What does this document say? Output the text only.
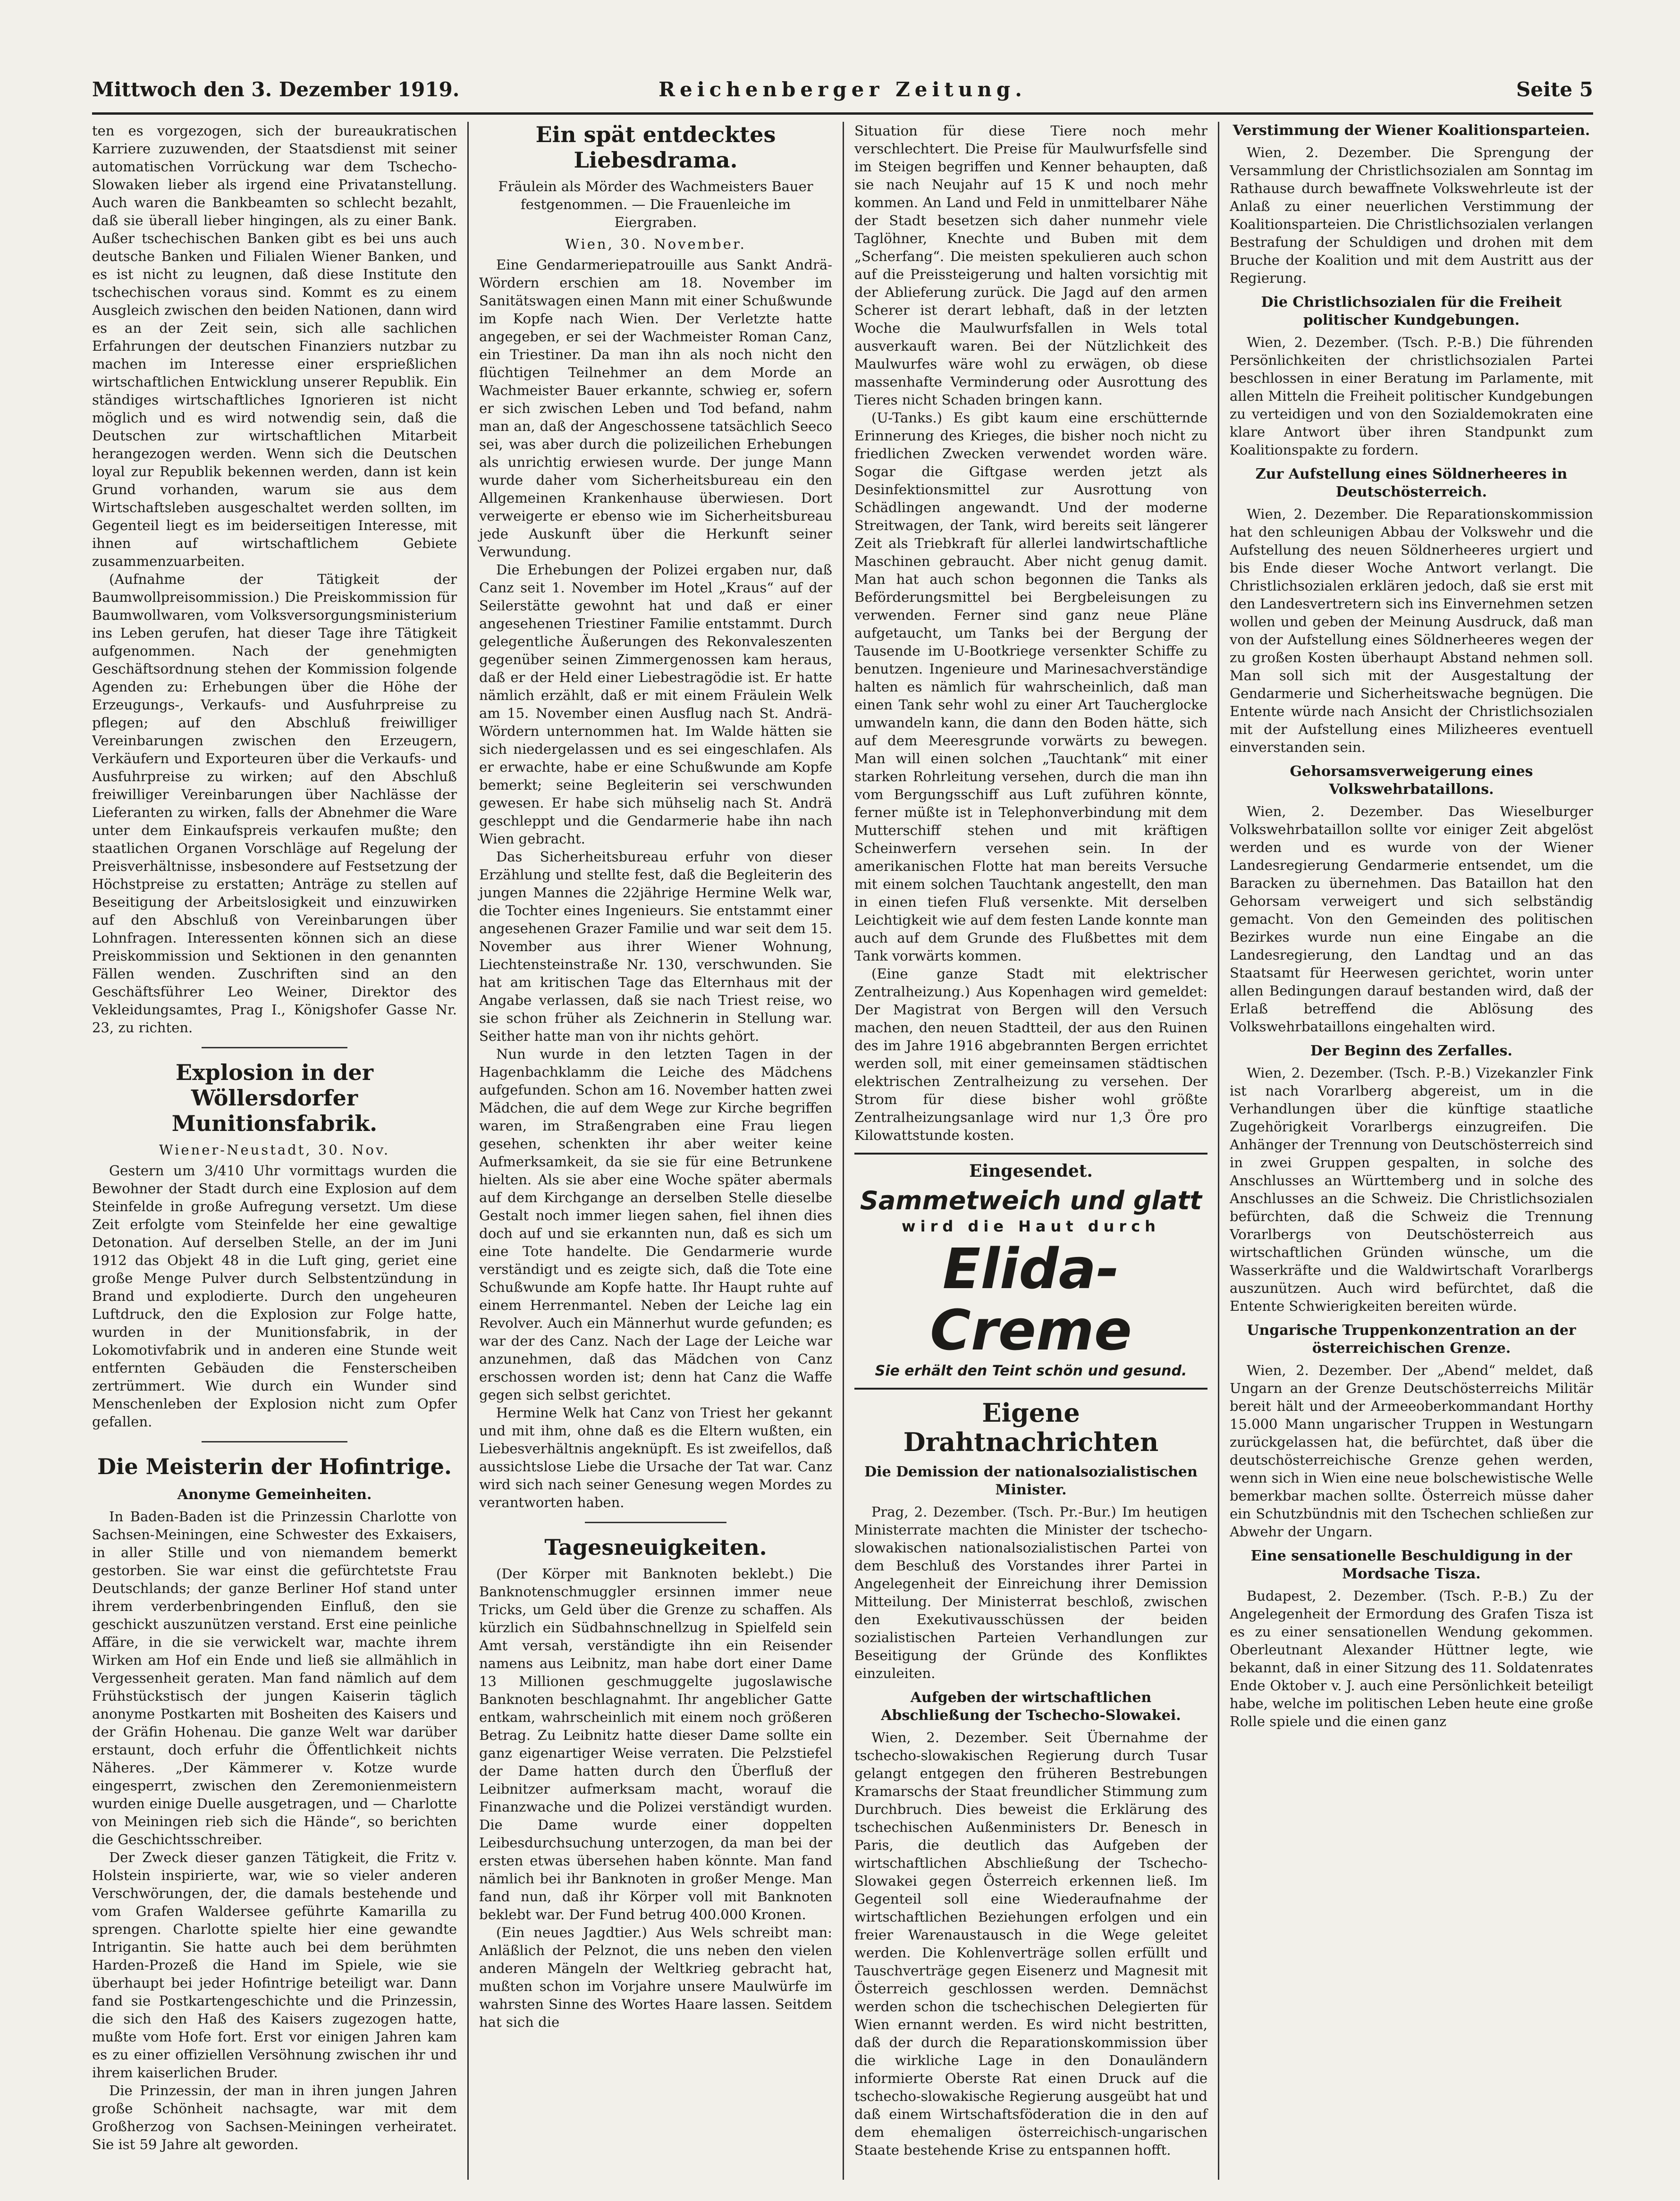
Mittwoch den 3. Dezember 1919.	Reichenberger Zeitung.	Seite 5

ten es vorgezogen, sich der bureaukratischen Karriere zuzuwenden, der Staatsdienst mit seiner automatischen Vorrückung war dem Tschecho-Slowaken lieber als irgend eine Privatanstellung. Auch waren die Bankbeamten so schlecht bezahlt, daß sie überall lieber hingingen, als zu einer Bank. Außer tschechischen Banken gibt es bei uns auch deutsche Banken und Filialen Wiener Banken, und es ist nicht zu leugnen, daß diese Institute den tschechischen voraus sind. Kommt es zu einem Ausgleich zwischen den beiden Nationen, dann wird es an der Zeit sein, sich alle sachlichen Erfahrungen der deutschen Finanziers nutzbar zu machen im Interesse einer ersprießlichen wirtschaftlichen Entwicklung unserer Republik. Ein ständiges wirtschaftliches Ignorieren ist nicht möglich und es wird notwendig sein, daß die Deutschen zur wirtschaftlichen Mitarbeit herangezogen werden. Wenn sich die Deutschen loyal zur Republik bekennen werden, dann ist kein Grund vorhanden, warum sie aus dem Wirtschaftsleben ausgeschaltet werden sollten, im Gegenteil liegt es im beiderseitigen Interesse, mit ihnen auf wirtschaftlichem Gebiete zusammenzuarbeiten.

(Aufnahme der Tätigkeit der Baumwollpreisommission.) Die Preiskommission für Baumwollwaren, vom Volksversorgungsministerium ins Leben gerufen, hat dieser Tage ihre Tätigkeit aufgenommen. Nach der genehmigten Geschäftsordnung stehen der Kommission folgende Agenden zu: Erhebungen über die Höhe der Erzeugungs-, Verkaufs- und Ausfuhrpreise zu pflegen; auf den Abschluß freiwilliger Vereinbarungen zwischen den Erzeugern, Verkäufern und Exporteuren über die Verkaufs- und Ausfuhrpreise zu wirken; auf den Abschluß freiwilliger Vereinbarungen über Nachlässe der Lieferanten zu wirken, falls der Abnehmer die Ware unter dem Einkaufspreis verkaufen mußte; den staatlichen Organen Vorschläge auf Regelung der Preisverhältnisse, insbesondere auf Festsetzung der Höchstpreise zu erstatten; Anträge zu stellen auf Beseitigung der Arbeitslosigkeit und einzuwirken auf den Abschluß von Vereinbarungen über Lohnfragen. Interessenten können sich an diese Preiskommission und Sektionen in den genannten Fällen wenden. Zuschriften sind an den Geschäftsführer Leo Weiner, Direktor des Vekleidungsamtes, Prag I., Königshofer Gasse Nr. 23, zu richten.

Explosion in der Wöllersdorfer Munitionsfabrik.
Wiener-Neustadt, 30. Nov.

Gestern um 3/410 Uhr vormittags wurden die Bewohner der Stadt durch eine Explosion auf dem Steinfelde in große Aufregung versetzt. Um diese Zeit erfolgte vom Steinfelde her eine gewaltige Detonation. Auf derselben Stelle, an der im Juni 1912 das Objekt 48 in die Luft ging, geriet eine große Menge Pulver durch Selbstentzündung in Brand und explodierte. Durch den ungeheuren Luftdruck, den die Explosion zur Folge hatte, wurden in der Munitionsfabrik, in der Lokomotivfabrik und in anderen eine Stunde weit entfernten Gebäuden die Fensterscheiben zertrümmert. Wie durch ein Wunder sind Menschenleben der Explosion nicht zum Opfer gefallen.

Die Meisterin der Hofintrige.
Anonyme Gemeinheiten.

In Baden-Baden ist die Prinzessin Charlotte von Sachsen-Meiningen, eine Schwester des Exkaisers, in aller Stille und von niemandem bemerkt gestorben. Sie war einst die gefürchtetste Frau Deutschlands; der ganze Berliner Hof stand unter ihrem verderbenbringenden Einfluß, den sie geschickt auszunützen verstand. Erst eine peinliche Affäre, in die sie verwickelt war, machte ihrem Wirken am Hof ein Ende und ließ sie allmählich in Vergessenheit geraten. Man fand nämlich auf dem Frühstückstisch der jungen Kaiserin täglich anonyme Postkarten mit Bosheiten des Kaisers und der Gräfin Hohenau. Die ganze Welt war darüber erstaunt, doch erfuhr die Öffentlichkeit nichts Näheres. „Der Kämmerer v. Kotze wurde eingesperrt, zwischen den Zeremonienmeistern wurden einige Duelle ausgetragen, und — Charlotte von Meiningen rieb sich die Hände“, so berichten die Geschichtsschreiber.

Der Zweck dieser ganzen Tätigkeit, die Fritz v. Holstein inspirierte, war, wie so vieler anderen Verschwörungen, der, die damals bestehende und vom Grafen Waldersee geführte Kamarilla zu sprengen. Charlotte spielte hier eine gewandte Intrigantin. Sie hatte auch bei dem berühmten Harden-Prozeß die Hand im Spiele, wie sie überhaupt bei jeder Hofintrige beteiligt war. Dann fand sie Postkartengeschichte und die Prinzessin, die sich den Haß des Kaisers zugezogen hatte, mußte vom Hofe fort. Erst vor einigen Jahren kam es zu einer offiziellen Versöhnung zwischen ihr und ihrem kaiserlichen Bruder.

Die Prinzessin, der man in ihren jungen Jahren große Schönheit nachsagte, war mit dem Großherzog von Sachsen-Meiningen verheiratet. Sie ist 59 Jahre alt geworden.

Ein spät entdecktes Liebesdrama.
Fräulein als Mörder des Wachmeisters Bauer festgenommen. — Die Frauenleiche im Eiergraben.
Wien, 30. November.

Eine Gendarmeriepatrouille aus Sankt Andrä-Wördern erschien am 18. November im Sanitätswagen einen Mann mit einer Schußwunde im Kopfe nach Wien. Der Verletzte hatte angegeben, er sei der Wachmeister Roman Canz, ein Triestiner. Da man ihn als noch nicht den flüchtigen Teilnehmer an dem Morde an Wachmeister Bauer erkannte, schwieg er, sofern er sich zwischen Leben und Tod befand, nahm man an, daß der Angeschossene tatsächlich Seeco sei, was aber durch die polizeilichen Erhebungen als unrichtig erwiesen wurde. Der junge Mann wurde daher vom Sicherheitsbureau ein den Allgemeinen Krankenhause überwiesen. Dort verweigerte er ebenso wie im Sicherheitsbureau jede Auskunft über die Herkunft seiner Verwundung.

Die Erhebungen der Polizei ergaben nur, daß Canz seit 1. November im Hotel „Kraus“ auf der Seilerstätte gewohnt hat und daß er einer angesehenen Triestiner Familie entstammt. Durch gelegentliche Äußerungen des Rekonvaleszenten gegenüber seinen Zimmergenossen kam heraus, daß er der Held einer Liebestragödie ist. Er hatte nämlich erzählt, daß er mit einem Fräulein Welk am 15. November einen Ausflug nach St. Andrä-Wördern unternommen hat. Im Walde hätten sie sich niedergelassen und es sei eingeschlafen. Als er erwachte, habe er eine Schußwunde am Kopfe bemerkt; seine Begleiterin sei verschwunden gewesen. Er habe sich mühselig nach St. Andrä geschleppt und die Gendarmerie habe ihn nach Wien gebracht.

Das Sicherheitsbureau erfuhr von dieser Erzählung und stellte fest, daß die Begleiterin des jungen Mannes die 22jährige Hermine Welk war, die Tochter eines Ingenieurs. Sie entstammt einer angesehenen Grazer Familie und war seit dem 15. November aus ihrer Wiener Wohnung, Liechtensteinstraße Nr. 130, verschwunden. Sie hat am kritischen Tage das Elternhaus mit der Angabe verlassen, daß sie nach Triest reise, wo sie schon früher als Zeichnerin in Stellung war. Seither hatte man von ihr nichts gehört.

Nun wurde in den letzten Tagen in der Hagenbachklamm die Leiche des Mädchens aufgefunden. Schon am 16. November hatten zwei Mädchen, die auf dem Wege zur Kirche begriffen waren, im Straßengraben eine Frau liegen gesehen, schenkten ihr aber weiter keine Aufmerksamkeit, da sie sie für eine Betrunkene hielten. Als sie aber eine Woche später abermals auf dem Kirchgange an derselben Stelle dieselbe Gestalt noch immer liegen sahen, fiel ihnen dies doch auf und sie erkannten nun, daß es sich um eine Tote handelte. Die Gendarmerie wurde verständigt und es zeigte sich, daß die Tote eine Schußwunde am Kopfe hatte. Ihr Haupt ruhte auf einem Herrenmantel. Neben der Leiche lag ein Revolver. Auch ein Männerhut wurde gefunden; es war der des Canz. Nach der Lage der Leiche war anzunehmen, daß das Mädchen von Canz erschossen worden ist; denn hat Canz die Waffe gegen sich selbst gerichtet.

Hermine Welk hat Canz von Triest her gekannt und mit ihm, ohne daß es die Eltern wußten, ein Liebesverhältnis angeknüpft. Es ist zweifellos, daß aussichtslose Liebe die Ursache der Tat war. Canz wird sich nach seiner Genesung wegen Mordes zu verantworten haben.

Tagesneuigkeiten.

(Der Körper mit Banknoten beklebt.) Die Banknotenschmuggler ersinnen immer neue Tricks, um Geld über die Grenze zu schaffen. Als kürzlich ein Südbahnschnellzug in Spielfeld sein Amt versah, verständigte ihn ein Reisender namens aus Leibnitz, man habe dort einer Dame 13 Millionen geschmuggelte jugoslawische Banknoten beschlagnahmt. Ihr angeblicher Gatte entkam, wahrscheinlich mit einem noch größeren Betrag. Zu Leibnitz hatte dieser Dame sollte ein ganz eigenartiger Weise verraten. Die Pelzstiefel der Dame hatten durch den Überfluß der Leibnitzer aufmerksam macht, worauf die Finanzwache und die Polizei verständigt wurden. Die Dame wurde einer doppelten Leibesdurchsuchung unterzogen, da man bei der ersten etwas übersehen haben könnte. Man fand nämlich bei ihr Banknoten in großer Menge. Man fand nun, daß ihr Körper voll mit Banknoten beklebt war. Der Fund betrug 400.000 Kronen.

(Ein neues Jagdtier.) Aus Wels schreibt man: Anläßlich der Pelznot, die uns neben den vielen anderen Mängeln der Weltkrieg gebracht hat, mußten schon im Vorjahre unsere Maulwürfe im wahrsten Sinne des Wortes Haare lassen. Seitdem hat sich die

Situation für diese Tiere noch mehr verschlechtert. Die Preise für Maulwurfsfelle sind im Steigen begriffen und Kenner behaupten, daß sie nach Neujahr auf 15 K und noch mehr kommen. An Land und Feld in unmittelbarer Nähe der Stadt besetzen sich daher nunmehr viele Taglöhner, Knechte und Buben mit dem „Scherfang“. Die meisten spekulieren auch schon auf die Preissteigerung und halten vorsichtig mit der Ablieferung zurück. Die Jagd auf den armen Scherer ist derart lebhaft, daß in der letzten Woche die Maulwurfsfallen in Wels total ausverkauft waren. Bei der Nützlichkeit des Maulwurfes wäre wohl zu erwägen, ob diese massenhafte Verminderung oder Ausrottung des Tieres nicht Schaden bringen kann.

(U-Tanks.) Es gibt kaum eine erschütternde Erinnerung des Krieges, die bisher noch nicht zu friedlichen Zwecken verwendet worden wäre. Sogar die Giftgase werden jetzt als Desinfektionsmittel zur Ausrottung von Schädlingen angewandt. Und der moderne Streitwagen, der Tank, wird bereits seit längerer Zeit als Triebkraft für allerlei landwirtschaftliche Maschinen gebraucht. Aber nicht genug damit. Man hat auch schon begonnen die Tanks als Beförderungsmittel bei Bergbeleisungen zu verwenden. Ferner sind ganz neue Pläne aufgetaucht, um Tanks bei der Bergung der Tausende im U-Bootkriege versenkter Schiffe zu benutzen. Ingenieure und Marinesachverständige halten es nämlich für wahrscheinlich, daß man einen Tank sehr wohl zu einer Art Taucherglocke umwandeln kann, die dann den Boden hätte, sich auf dem Meeresgrunde vorwärts zu bewegen. Man will einen solchen „Tauchtank“ mit einer starken Rohrleitung versehen, durch die man ihn vom Bergungsschiff aus Luft zuführen könnte, ferner müßte ist in Telephonverbindung mit dem Mutterschiff stehen und mit kräftigen Scheinwerfern versehen sein. In der amerikanischen Flotte hat man bereits Versuche mit einem solchen Tauchtank angestellt, den man in einen tiefen Fluß versenkte. Mit derselben Leichtigkeit wie auf dem festen Lande konnte man auch auf dem Grunde des Flußbettes mit dem Tank vorwärts kommen.

(Eine ganze Stadt mit elektrischer Zentralheizung.) Aus Kopenhagen wird gemeldet: Der Magistrat von Bergen will den Versuch machen, den neuen Stadtteil, der aus den Ruinen des im Jahre 1916 abgebrannten Bergen errichtet werden soll, mit einer gemeinsamen städtischen elektrischen Zentralheizung zu versehen. Der Strom für diese bisher wohl größte Zentralheizungsanlage wird nur 1,3 Öre pro Kilowattstunde kosten.

Eingesendet.
Sammetweich und glatt
wird die Haut durch
Elida-Creme
Sie erhält den Teint schön und gesund.
Eigene Drahtnachrichten
Die Demission der nationalsozialistischen Minister.

Prag, 2. Dezember. (Tsch. Pr.-Bur.) Im heutigen Ministerrate machten die Minister der tschecho-slowakischen nationalsozialistischen Partei von dem Beschluß des Vorstandes ihrer Partei in Angelegenheit der Einreichung ihrer Demission Mitteilung. Der Ministerrat beschloß, zwischen den Exekutivausschüssen der beiden sozialistischen Parteien Verhandlungen zur Beseitigung der Gründe des Konfliktes einzuleiten.

Aufgeben der wirtschaftlichen Abschließung der Tschecho-Slowakei.

Wien, 2. Dezember. Seit Übernahme der tschecho-slowakischen Regierung durch Tusar gelangt entgegen den früheren Bestrebungen Kramarschs der Staat freundlicher Stimmung zum Durchbruch. Dies beweist die Erklärung des tschechischen Außenministers Dr. Benesch in Paris, die deutlich das Aufgeben der wirtschaftlichen Abschließung der Tschecho-Slowakei gegen Österreich erkennen ließ. Im Gegenteil soll eine Wiederaufnahme der wirtschaftlichen Beziehungen erfolgen und ein freier Warenaustausch in die Wege geleitet werden. Die Kohlenverträge sollen erfüllt und Tauschverträge gegen Eisenerz und Magnesit mit Österreich geschlossen werden. Demnächst werden schon die tschechischen Delegierten für Wien ernannt werden. Es wird nicht bestritten, daß der durch die Reparationskommission über die wirkliche Lage in den Donauländern informierte Oberste Rat einen Druck auf die tschecho-slowakische Regierung ausgeübt hat und daß einem Wirtschaftsföderation die in den auf dem ehemaligen österreichisch-ungarischen Staate bestehende Krise zu entspannen hofft.

Verstimmung der Wiener Koalitionsparteien.

Wien, 2. Dezember. Die Sprengung der Versammlung der Christlichsozialen am Sonntag im Rathause durch bewaffnete Volkswehrleute ist der Anlaß zu einer neuerlichen Verstimmung der Koalitionsparteien. Die Christlichsozialen verlangen Bestrafung der Schuldigen und drohen mit dem Bruche der Koalition und mit dem Austritt aus der Regierung.

Die Christlichsozialen für die Freiheit politischer Kundgebungen.

Wien, 2. Dezember. (Tsch. P.-B.) Die führenden Persönlichkeiten der christlichsozialen Partei beschlossen in einer Beratung im Parlamente, mit allen Mitteln die Freiheit politischer Kundgebungen zu verteidigen und von den Sozialdemokraten eine klare Antwort über ihren Standpunkt zum Koalitionspakte zu fordern.

Zur Aufstellung eines Söldnerheeres in Deutschösterreich.

Wien, 2. Dezember. Die Reparationskommission hat den schleunigen Abbau der Volkswehr und die Aufstellung des neuen Söldnerheeres urgiert und bis Ende dieser Woche Antwort verlangt. Die Christlichsozialen erklären jedoch, daß sie erst mit den Landesvertretern sich ins Einvernehmen setzen wollen und geben der Meinung Ausdruck, daß man von der Aufstellung eines Söldnerheeres wegen der zu großen Kosten überhaupt Abstand nehmen soll. Man soll sich mit der Ausgestaltung der Gendarmerie und Sicherheitswache begnügen. Die Entente würde nach Ansicht der Christlichsozialen mit der Aufstellung eines Milizheeres eventuell einverstanden sein.

Gehorsamsverweigerung eines Volkswehrbataillons.

Wien, 2. Dezember. Das Wieselburger Volkswehrbataillon sollte vor einiger Zeit abgelöst werden und es wurde von der Wiener Landesregierung Gendarmerie entsendet, um die Baracken zu übernehmen. Das Bataillon hat den Gehorsam verweigert und sich selbständig gemacht. Von den Gemeinden des politischen Bezirkes wurde nun eine Eingabe an die Landesregierung, den Landtag und an das Staatsamt für Heerwesen gerichtet, worin unter allen Bedingungen darauf bestanden wird, daß der Erlaß betreffend die Ablösung des Volkswehrbataillons eingehalten wird.

Der Beginn des Zerfalles.

Wien, 2. Dezember. (Tsch. P.-B.) Vizekanzler Fink ist nach Vorarlberg abgereist, um in die Verhandlungen über die künftige staatliche Zugehörigkeit Vorarlbergs einzugreifen. Die Anhänger der Trennung von Deutschösterreich sind in zwei Gruppen gespalten, in solche des Anschlusses an Württemberg und in solche des Anschlusses an die Schweiz. Die Christlichsozialen befürchten, daß die Schweiz die Trennung Vorarlbergs von Deutschösterreich aus wirtschaftlichen Gründen wünsche, um die Wasserkräfte und die Waldwirtschaft Vorarlbergs auszunützen. Auch wird befürchtet, daß die Entente Schwierigkeiten bereiten würde.

Ungarische Truppenkonzentration an der österreichischen Grenze.

Wien, 2. Dezember. Der „Abend“ meldet, daß Ungarn an der Grenze Deutschösterreichs Militär bereit hält und der Armeeoberkommandant Horthy 15.000 Mann ungarischer Truppen in Westungarn zurückgelassen hat, die befürchtet, daß über die deutschösterreichische Grenze gehen werden, wenn sich in Wien eine neue bolschewistische Welle bemerkbar machen sollte. Österreich müsse daher ein Schutzbündnis mit den Tschechen schließen zur Abwehr der Ungarn.

Eine sensationelle Beschuldigung in der Mordsache Tisza.

Budapest, 2. Dezember. (Tsch. P.-B.) Zu der Angelegenheit der Ermordung des Grafen Tisza ist es zu einer sensationellen Wendung gekommen. Oberleutnant Alexander Hüttner legte, wie bekannt, daß in einer Sitzung des 11. Soldatenrates Ende Oktober v. J. auch eine Persönlichkeit beteiligt habe, welche im politischen Leben heute eine große Rolle spiele und die einen ganz
